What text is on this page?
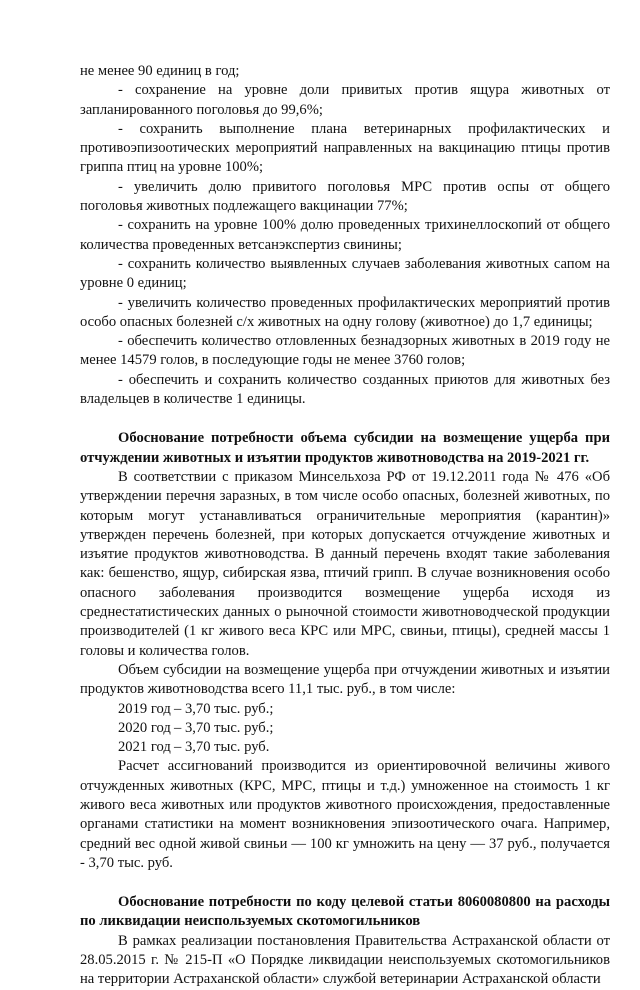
не менее 90 единиц в год;

- сохранение на уровне доли привитых против ящура животных от запланированного поголовья до 99,6%;

- сохранить выполнение плана ветеринарных профилактических и противоэпизоотических мероприятий направленных на вакцинацию птицы против гриппа птиц на уровне 100%;

- увеличить долю привитого поголовья МРС против оспы от общего поголовья животных подлежащего вакцинации 77%;

- сохранить на уровне 100% долю проведенных трихинеллоскопий от общего количества проведенных ветсанэкспертиз свинины;

- сохранить количество выявленных случаев заболевания животных сапом на уровне 0 единиц;

- увеличить количество проведенных профилактических мероприятий против особо опасных болезней с/х животных на одну голову (животное) до 1,7 единицы;

- обеспечить количество отловленных безнадзорных животных в 2019 году не менее 14579 голов, в последующие годы не менее 3760 голов;

- обеспечить и сохранить количество созданных приютов для животных без владельцев в количестве 1 единицы.

Обоснование потребности объема субсидии на возмещение ущерба при отчуждении животных и изъятии продуктов животноводства на 2019-2021 гг.

В соответствии с приказом Минсельхоза РФ от 19.12.2011 года № 476 «Об утверждении перечня заразных, в том числе особо опасных, болезней животных, по которым могут устанавливаться ограничительные мероприятия (карантин)» утвержден перечень болезней, при которых допускается отчуждение животных и изъятие продуктов животноводства. В данный перечень входят такие заболевания как: бешенство, ящур, сибирская язва, птичий грипп. В случае возникновения особо опасного заболевания производится возмещение ущерба исходя из среднестатистических данных о рыночной стоимости животноводческой продукции производителей (1 кг живого веса КРС или МРС, свиньи, птицы), средней массы 1 головы и количества голов.

Объем субсидии на возмещение ущерба при отчуждении животных и изъятии продуктов животноводства всего 11,1 тыс. руб., в том числе:

2019 год – 3,70 тыс. руб.;
2020 год – 3,70 тыс. руб.;
2021 год – 3,70 тыс. руб.

Расчет ассигнований производится из ориентировочной величины живого отчужденных животных (КРС, МРС, птицы и т.д.) умноженное на стоимость 1 кг живого веса животных или продуктов животного происхождения, предоставленные органами статистики на момент возникновения эпизоотического очага. Например, средний вес одной живой свиньи — 100 кг умножить на цену — 37 руб., получается - 3,70 тыс. руб.

Обоснование потребности по коду целевой статьи 8060080800 на расходы по ликвидации неиспользуемых скотомогильников

В рамках реализации постановления Правительства Астраханской области от 28.05.2015 г. № 215-П «О Порядке ликвидации неиспользуемых скотомогильников на территории Астраханской области» службой ветеринарии Астраханской области
